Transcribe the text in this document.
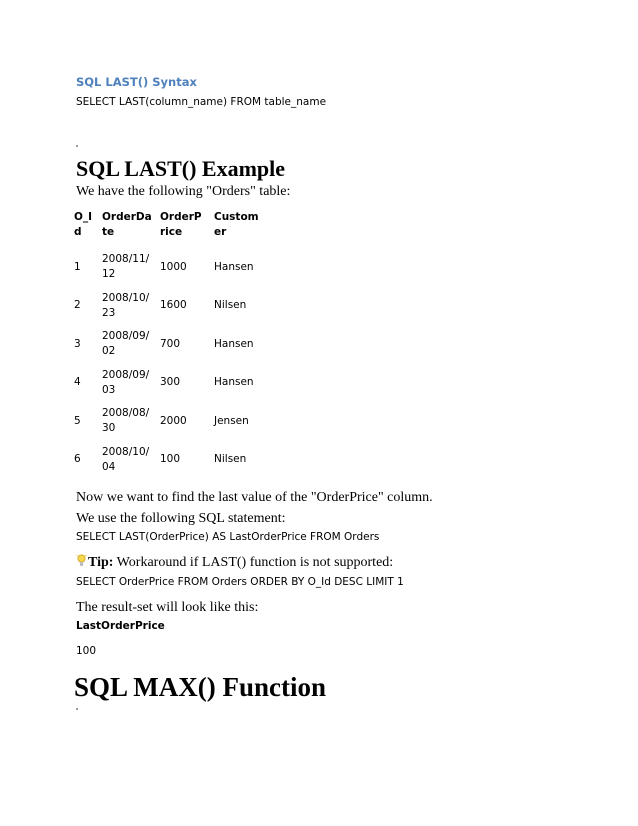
SQL LAST() Syntax
SELECT LAST(column_name) FROM table_name
SQL LAST() Example
We have the following "Orders" table:
O_Id	OrderDate	OrderPrice	Customer
1	2008/11/12	1000	Hansen
2	2008/10/23	1600	Nilsen
3	2008/09/02	700	Hansen
4	2008/09/03	300	Hansen
5	2008/08/30	2000	Jensen
6	2008/10/04	100	Nilsen
Now we want to find the last value of the "OrderPrice" column.
We use the following SQL statement:
SELECT LAST(OrderPrice) AS LastOrderPrice FROM Orders
Tip: Workaround if LAST() function is not supported:
SELECT OrderPrice FROM Orders ORDER BY O_Id DESC LIMIT 1
The result-set will look like this:
LastOrderPrice
100
SQL MAX() Function
